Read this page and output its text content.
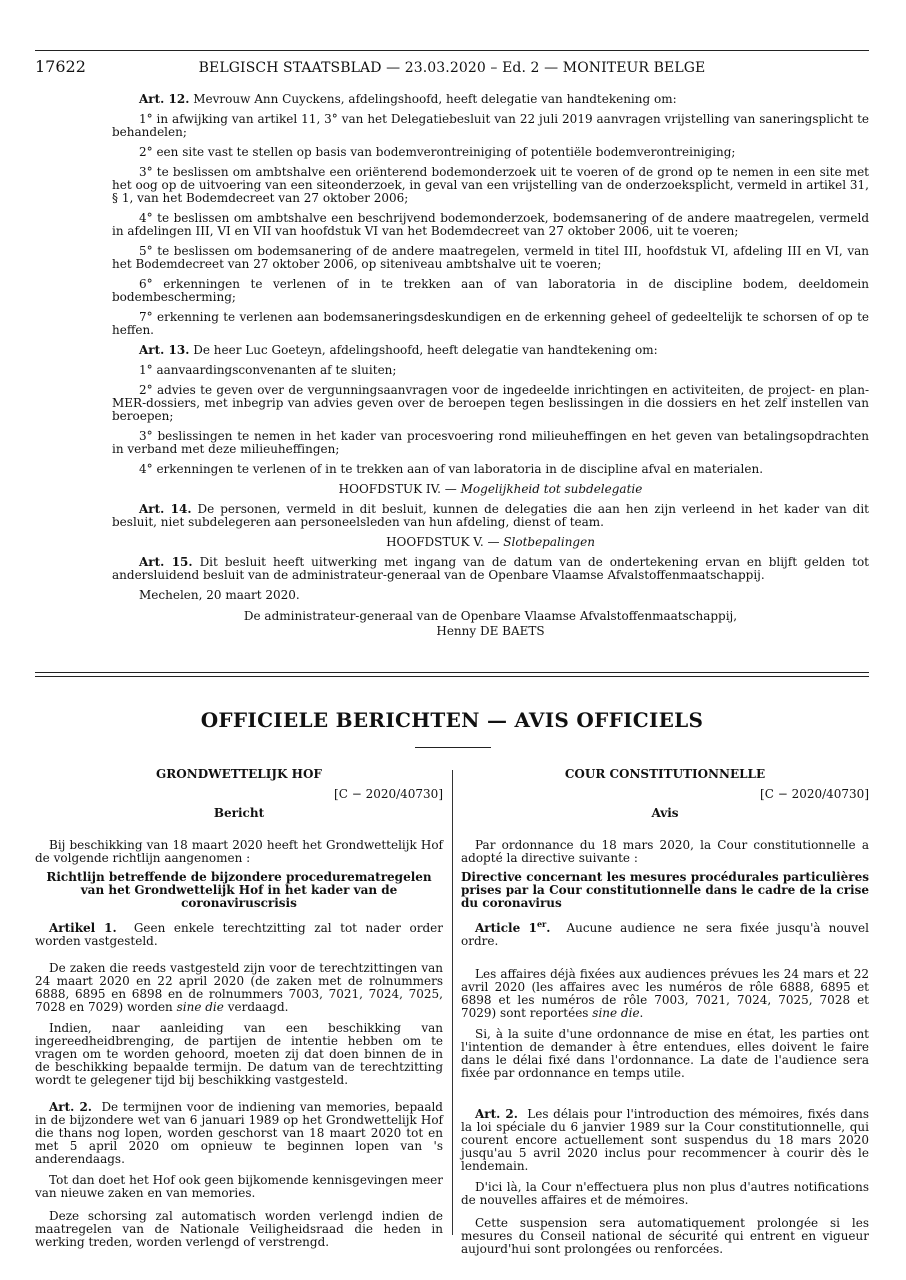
17622	BELGISCH STAATSBLAD — 23.03.2020 – Ed. 2 — MONITEUR BELGE

Art. 12. Mevrouw Ann Cuyckens, afdelingshoofd, heeft delegatie van handtekening om:

1° in afwijking van artikel 11, 3° van het Delegatiebesluit van 22 juli 2019 aanvragen vrijstelling van saneringsplicht te behandelen;

2° een site vast te stellen op basis van bodemverontreiniging of potentiële bodemverontreiniging;

3° te beslissen om ambtshalve een oriënterend bodemonderzoek uit te voeren of de grond op te nemen in een site met het oog op de uitvoering van een siteonderzoek, in geval van een vrijstelling van de onderzoeksplicht, vermeld in artikel 31, § 1, van het Bodemdecreet van 27 oktober 2006;

4° te beslissen om ambtshalve een beschrijvend bodemonderzoek, bodemsanering of de andere maatregelen, vermeld in afdelingen III, VI en VII van hoofdstuk VI van het Bodemdecreet van 27 oktober 2006, uit te voeren;

5° te beslissen om bodemsanering of de andere maatregelen, vermeld in titel III, hoofdstuk VI, afdeling III en VI, van het Bodemdecreet van 27 oktober 2006, op siteniveau ambtshalve uit te voeren;

6° erkenningen te verlenen of in te trekken aan of van laboratoria in de discipline bodem, deeldomein bodembescherming;

7° erkenning te verlenen aan bodemsaneringsdeskundigen en de erkenning geheel of gedeeltelijk te schorsen of op te heffen.

Art. 13. De heer Luc Goeteyn, afdelingshoofd, heeft delegatie van handtekening om:

1° aanvaardingsconvenanten af te sluiten;

2° advies te geven over de vergunningsaanvragen voor de ingedeelde inrichtingen en activiteiten, de project- en plan-MER-dossiers, met inbegrip van advies geven over de beroepen tegen beslissingen in die dossiers en het zelf instellen van beroepen;

3° beslissingen te nemen in het kader van procesvoering rond milieuheffingen en het geven van betalingsopdrachten in verband met deze milieuheffingen;

4° erkenningen te verlenen of in te trekken aan of van laboratoria in de discipline afval en materialen.

HOOFDSTUK IV. — Mogelijkheid tot subdelegatie

Art. 14. De personen, vermeld in dit besluit, kunnen de delegaties die aan hen zijn verleend in het kader van dit besluit, niet subdelegeren aan personeelsleden van hun afdeling, dienst of team.

HOOFDSTUK V. — Slotbepalingen

Art. 15. Dit besluit heeft uitwerking met ingang van de datum van de ondertekening ervan en blijft gelden tot andersluidend besluit van de administrateur-generaal van de Openbare Vlaamse Afvalstoffenmaatschappij.

Mechelen, 20 maart 2020.

De administrateur-generaal van de Openbare Vlaamse Afvalstoffenmaatschappij,

Henny DE BAETS

OFFICIELE BERICHTEN — AVIS OFFICIELS

GRONDWETTELIJK HOF

[C − 2020/40730]

Bericht

Bij beschikking van 18 maart 2020 heeft het Grondwettelijk Hof de volgende richtlijn aangenomen :

Richtlijn betreffende de bijzondere procedurematregelen van het Grondwettelijk Hof in het kader van de coronaviruscrisis

Artikel 1. Geen enkele terechtzitting zal tot nader order worden vastgesteld.

De zaken die reeds vastgesteld zijn voor de terechtzittingen van 24 maart 2020 en 22 april 2020 (de zaken met de rolnummers 6888, 6895 en 6898 en de rolnummers 7003, 7021, 7024, 7025, 7028 en 7029) worden sine die verdaagd.

Indien, naar aanleiding van een beschikking van ingereedheidbrenging, de partijen de intentie hebben om te vragen om te worden gehoord, moeten zij dat doen binnen de in de beschikking bepaalde termijn. De datum van de terechtzitting wordt te gelegener tijd bij beschikking vastgesteld.

Art. 2. De termijnen voor de indiening van memories, bepaald in de bijzondere wet van 6 januari 1989 op het Grondwettelijk Hof die thans nog lopen, worden geschorst van 18 maart 2020 tot en met 5 april 2020 om opnieuw te beginnen lopen van 's anderendaags.

Tot dan doet het Hof ook geen bijkomende kennisgevingen meer van nieuwe zaken en van memories.

Deze schorsing zal automatisch worden verlengd indien de maatregelen van de Nationale Veiligheidsraad die heden in werking treden, worden verlengd of verstrengd.

COUR CONSTITUTIONNELLE

[C − 2020/40730]

Avis

Par ordonnance du 18 mars 2020, la Cour constitutionnelle a adopté la directive suivante :

Directive concernant les mesures procédurales particulières prises par la Cour constitutionnelle dans le cadre de la crise du coronavirus

Article 1er. Aucune audience ne sera fixée jusqu'à nouvel ordre.

Les affaires déjà fixées aux audiences prévues les 24 mars et 22 avril 2020 (les affaires avec les numéros de rôle 6888, 6895 et 6898 et les numéros de rôle 7003, 7021, 7024, 7025, 7028 et 7029) sont reportées sine die.

Si, à la suite d'une ordonnance de mise en état, les parties ont l'intention de demander à être entendues, elles doivent le faire dans le délai fixé dans l'ordonnance. La date de l'audience sera fixée par ordonnance en temps utile.

Art. 2. Les délais pour l'introduction des mémoires, fixés dans la loi spéciale du 6 janvier 1989 sur la Cour constitutionnelle, qui courent encore actuellement sont suspendus du 18 mars 2020 jusqu'au 5 avril 2020 inclus pour recommencer à courir dès le lendemain.

D'ici là, la Cour n'effectuera plus non plus d'autres notifications de nouvelles affaires et de mémoires.

Cette suspension sera automatiquement prolongée si les mesures du Conseil national de sécurité qui entrent en vigueur aujourd'hui sont prolongées ou renforcées.
